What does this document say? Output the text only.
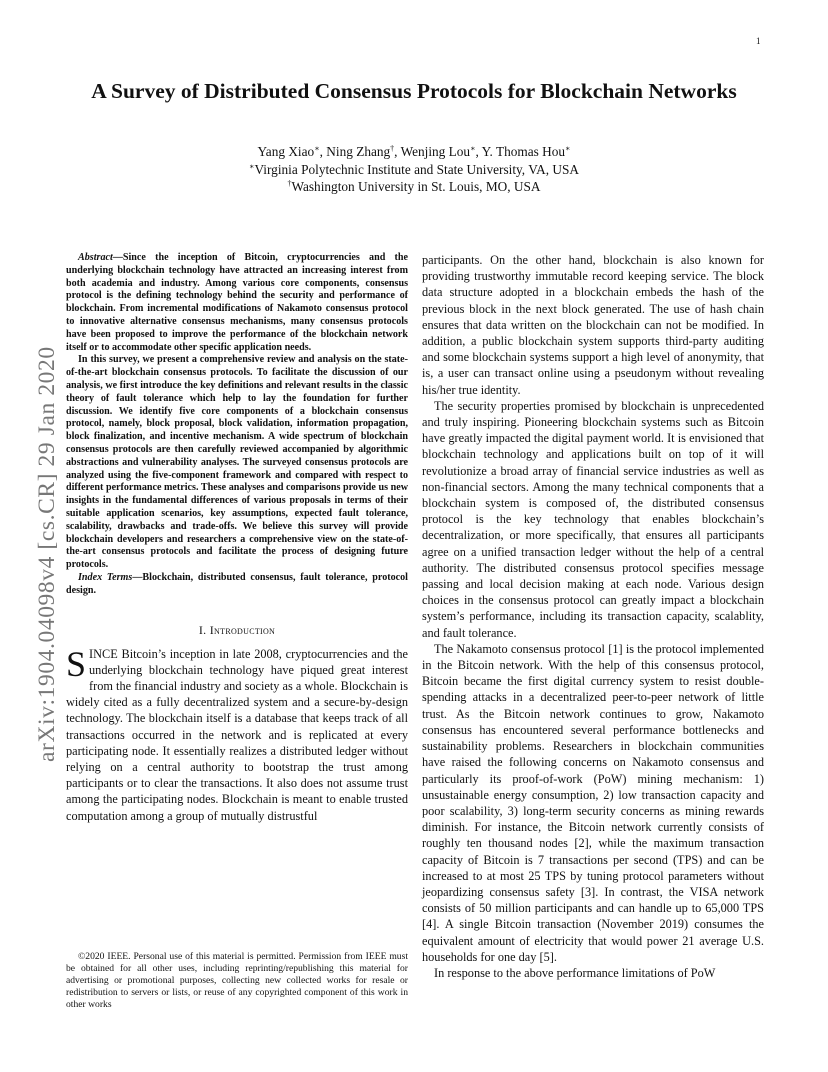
1
arXiv:1904.04098v4 [cs.CR] 29 Jan 2020
A Survey of Distributed Consensus Protocols for Blockchain Networks
Yang Xiao∗, Ning Zhang†, Wenjing Lou∗, Y. Thomas Hou∗
∗Virginia Polytechnic Institute and State University, VA, USA
†Washington University in St. Louis, MO, USA

Abstract—Since the inception of Bitcoin, cryptocurrencies and the underlying blockchain technology have attracted an increasing interest from both academia and industry. Among various core components, consensus protocol is the defining technology behind the security and performance of blockchain. From incremental modifications of Nakamoto consensus protocol to innovative alternative consensus mechanisms, many consensus protocols have been proposed to improve the performance of the blockchain network itself or to accommodate other specific application needs.

In this survey, we present a comprehensive review and analysis on the state-of-the-art blockchain consensus protocols. To facilitate the discussion of our analysis, we first introduce the key definitions and relevant results in the classic theory of fault tolerance which help to lay the foundation for further discussion. We identify five core components of a blockchain consensus protocol, namely, block proposal, block validation, information propagation, block finalization, and incentive mechanism. A wide spectrum of blockchain consensus protocols are then carefully reviewed accompanied by algorithmic abstractions and vulnerability analyses. The surveyed consensus protocols are analyzed using the five-component framework and compared with respect to different performance metrics. These analyses and comparisons provide us new insights in the fundamental differences of various proposals in terms of their suitable application scenarios, key assumptions, expected fault tolerance, scalability, drawbacks and trade-offs. We believe this survey will provide blockchain developers and researchers a comprehensive view on the state-of-the-art consensus protocols and facilitate the process of designing future protocols.

Index Terms—Blockchain, distributed consensus, fault tolerance, protocol design.

I. Introduction

SINCE Bitcoin’s inception in late 2008, cryptocurrencies and the underlying blockchain technology have piqued great interest from the financial industry and society as a whole. Blockchain is widely cited as a fully decentralized system and a secure-by-design technology. The blockchain itself is a database that keeps track of all transactions occurred in the network and is replicated at every participating node. It essentially realizes a distributed ledger without relying on a central authority to bootstrap the trust among participants or to clear the transactions. It also does not assume trust among the participating nodes. Blockchain is meant to enable trusted computation among a group of mutually distrustful

©2020 IEEE. Personal use of this material is permitted. Permission from IEEE must be obtained for all other uses, including reprinting/republishing this material for advertising or promotional purposes, collecting new collected works for resale or redistribution to servers or lists, or reuse of any copyrighted component of this work in other works

participants. On the other hand, blockchain is also known for providing trustworthy immutable record keeping service. The block data structure adopted in a blockchain embeds the hash of the previous block in the next block generated. The use of hash chain ensures that data written on the blockchain can not be modified. In addition, a public blockchain system supports third-party auditing and some blockchain systems support a high level of anonymity, that is, a user can transact online using a pseudonym without revealing his/her true identity.

The security properties promised by blockchain is unprecedented and truly inspiring. Pioneering blockchain systems such as Bitcoin have greatly impacted the digital payment world. It is envisioned that blockchain technology and applications built on top of it will revolutionize a broad array of financial service industries as well as non-financial sectors. Among the many technical components that a blockchain system is composed of, the distributed consensus protocol is the key technology that enables blockchain’s decentralization, or more specifically, that ensures all participants agree on a unified transaction ledger without the help of a central authority. The distributed consensus protocol specifies message passing and local decision making at each node. Various design choices in the consensus protocol can greatly impact a blockchain system’s performance, including its transaction capacity, scalablity, and fault tolerance.

The Nakamoto consensus protocol [1] is the protocol implemented in the Bitcoin network. With the help of this consensus protocol, Bitcoin became the first digital currency system to resist double-spending attacks in a decentralized peer-to-peer network of little trust. As the Bitcoin network continues to grow, Nakamoto consensus has encountered several performance bottlenecks and sustainability problems. Researchers in blockchain communities have raised the following concerns on Nakamoto consensus and particularly its proof-of-work (PoW) mining mechanism: 1) unsustainable energy consumption, 2) low transaction capacity and poor scalability, 3) long-term security concerns as mining rewards diminish. For instance, the Bitcoin network currently consists of roughly ten thousand nodes [2], while the maximum transaction capacity of Bitcoin is 7 transactions per second (TPS) and can be increased to at most 25 TPS by tuning protocol parameters without jeopardizing consensus safety [3]. In contrast, the VISA network consists of 50 million participants and can handle up to 65,000 TPS [4]. A single Bitcoin transaction (November 2019) consumes the equivalent amount of electricity that would power 21 average U.S. households for one day [5].

In response to the above performance limitations of PoW
